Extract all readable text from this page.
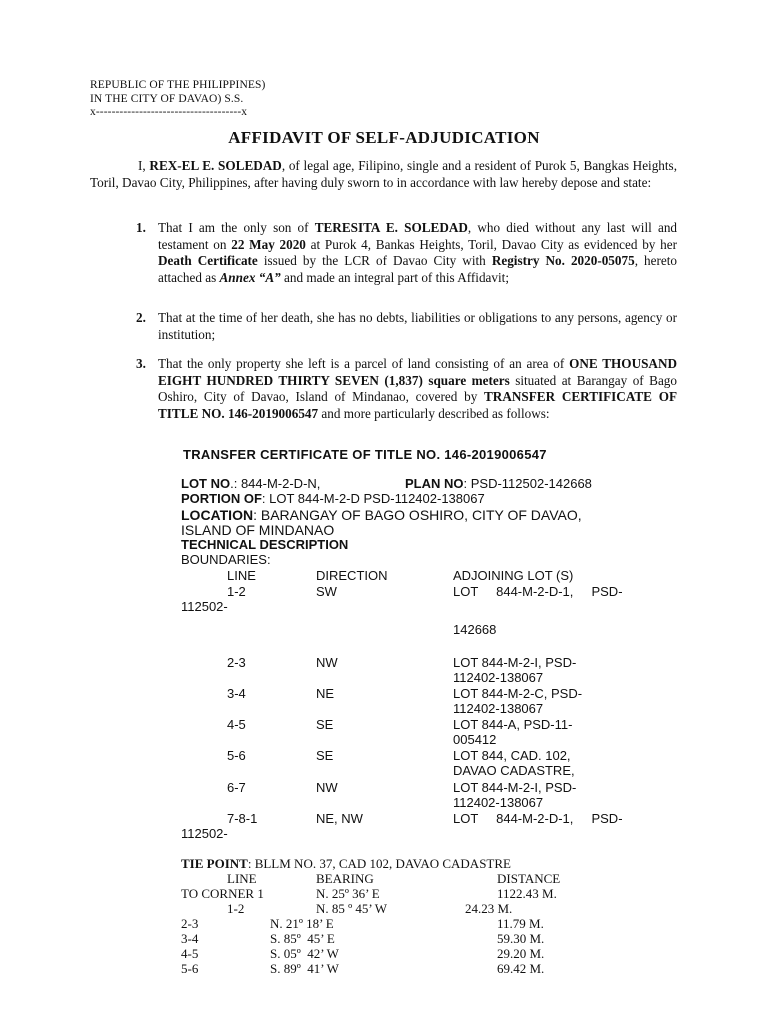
REPUBLIC OF THE PHILIPPINES)
IN THE CITY OF DAVAO) S.S.
x-------------------------------------x
AFFIDAVIT OF SELF-ADJUDICATION
I, REX-EL E. SOLEDAD, of legal age, Filipino, single and a resident of Purok 5, Bangkas Heights, Toril, Davao City, Philippines, after having duly sworn to in accordance with law hereby depose and state:
1. That I am the only son of TERESITA E. SOLEDAD, who died without any last will and testament on 22 May 2020 at Purok 4, Bankas Heights, Toril, Davao City as evidenced by her Death Certificate issued by the LCR of Davao City with Registry No. 2020-05075, hereto attached as Annex “A” and made an integral part of this Affidavit;
2. That at the time of her death, she has no debts, liabilities or obligations to any persons, agency or institution;
3. That the only property she left is a parcel of land consisting of an area of ONE THOUSAND EIGHT HUNDRED THIRTY SEVEN (1,837) square meters situated at Barangay of Bago Oshiro, City of Davao, Island of Mindanao, covered by TRANSFER CERTIFICATE OF TITLE NO. 146-2019006547 and more particularly described as follows:
TRANSFER CERTIFICATE OF TITLE NO. 146-2019006547
LOT NO.: 844-M-2-D-N,	PLAN NO: PSD-112502-142668
PORTION OF: LOT 844-M-2-D PSD-112402-138067
LOCATION: BARANGAY OF BAGO OSHIRO, CITY OF DAVAO,
ISLAND OF MINDANAO
TECHNICAL DESCRIPTION
BOUNDARIES:
LINE	DIRECTION	ADJOINING LOT (S)
1-2	SW	LOT     844-M-2-D-1,     PSD-
112502-
142668
2-3	NW	LOT 844-M-2-I, PSD-
112402-138067
3-4	NE	LOT 844-M-2-C, PSD-
112402-138067
4-5	SE	LOT 844-A, PSD-11-
005412
5-6	SE	LOT 844, CAD. 102,
DAVAO CADASTRE,
6-7	NW	LOT 844-M-2-I, PSD-
112402-138067
7-8-1	NE, NW	LOT     844-M-2-D-1,     PSD-
112502-
TIE POINT: BLLM NO. 37, CAD 102, DAVAO CADASTRE
LINE	BEARING	DISTANCE
TO CORNER 1	N. 25º 36’ E	1122.43 M.
1-2	N. 85 º 45’ W	24.23 M.
2-3	N. 21º 18’ E	11.79 M.
3-4	S. 85º  45’ E	59.30 M.
4-5	S. 05º  42’ W	29.20 M.
5-6	S. 89º  41’ W	69.42 M.
